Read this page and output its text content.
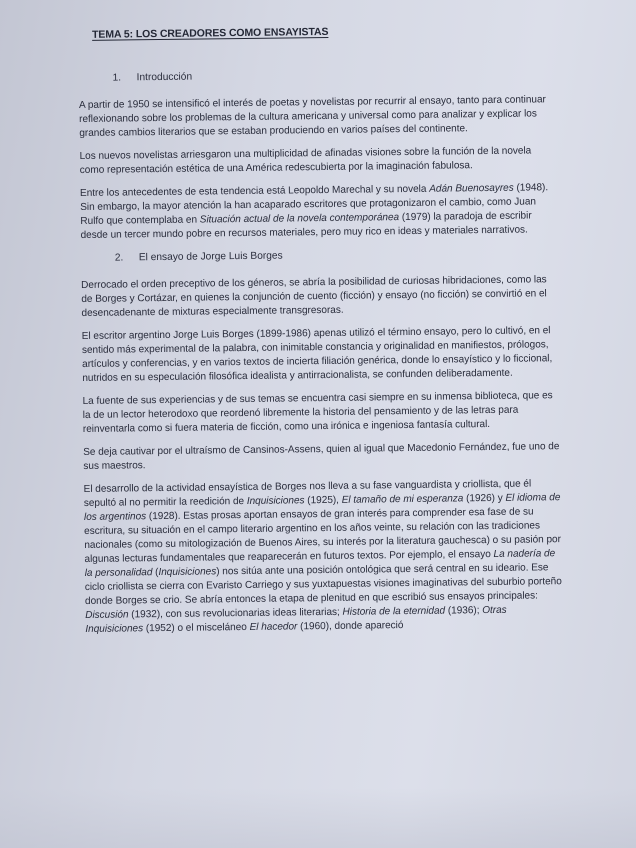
TEMA 5: LOS CREADORES COMO ENSAYISTAS
1. Introducción

A partir de 1950 se intensificó el interés de poetas y novelistas por recurrir al ensayo, tanto para continuar reflexionando sobre los problemas de la cultura americana y universal como para analizar y explicar los grandes cambios literarios que se estaban produciendo en varios países del continente.

Los nuevos novelistas arriesgaron una multiplicidad de afinadas visiones sobre la función de la novela como representación estética de una América redescubierta por la imaginación fabulosa.

Entre los antecedentes de esta tendencia está Leopoldo Marechal y su novela Adán Buenosayres (1948). Sin embargo, la mayor atención la han acaparado escritores que protagonizaron el cambio, como Juan Rulfo que contemplaba en Situación actual de la novela contemporánea (1979) la paradoja de escribir desde un tercer mundo pobre en recursos materiales, pero muy rico en ideas y materiales narrativos.

2. El ensayo de Jorge Luis Borges

Derrocado el orden preceptivo de los géneros, se abría la posibilidad de curiosas hibridaciones, como las de Borges y Cortázar, en quienes la conjunción de cuento (ficción) y ensayo (no ficción) se convirtió en el desencadenante de mixturas especialmente transgresoras.

El escritor argentino Jorge Luis Borges (1899-1986) apenas utilizó el término ensayo, pero lo cultivó, en el sentido más experimental de la palabra, con inimitable constancia y originalidad en manifiestos, prólogos, artículos y conferencias, y en varios textos de incierta filiación genérica, donde lo ensayístico y lo ficcional, nutridos en su especulación filosófica idealista y antirracionalista, se confunden deliberadamente.

La fuente de sus experiencias y de sus temas se encuentra casi siempre en su inmensa biblioteca, que es la de un lector heterodoxo que reordenó libremente la historia del pensamiento y de las letras para reinventarla como si fuera materia de ficción, como una irónica e ingeniosa fantasía cultural.

Se deja cautivar por el ultraísmo de Cansinos-Assens, quien al igual que Macedonio Fernández, fue uno de sus maestros.

El desarrollo de la actividad ensayística de Borges nos lleva a su fase vanguardista y criollista, que él sepultó al no permitir la reedición de Inquisiciones (1925), El tamaño de mi esperanza (1926) y El idioma de los argentinos (1928). Estas prosas aportan ensayos de gran interés para comprender esa fase de su escritura, su situación en el campo literario argentino en los años veinte, su relación con las tradiciones nacionales (como su mitologización de Buenos Aires, su interés por la literatura gauchesca) o su pasión por algunas lecturas fundamentales que reaparecerán en futuros textos. Por ejemplo, el ensayo La nadería de la personalidad (Inquisiciones) nos sitúa ante una posición ontológica que será central en su ideario. Ese ciclo criollista se cierra con Evaristo Carriego y sus yuxtapuestas visiones imaginativas del suburbio porteño donde Borges se crio. Se abría entonces la etapa de plenitud en que escribió sus ensayos principales: Discusión (1932), con sus revolucionarias ideas literarias; Historia de la eternidad (1936); Otras Inquisiciones (1952) o el misceláneo El hacedor (1960), donde apareció
